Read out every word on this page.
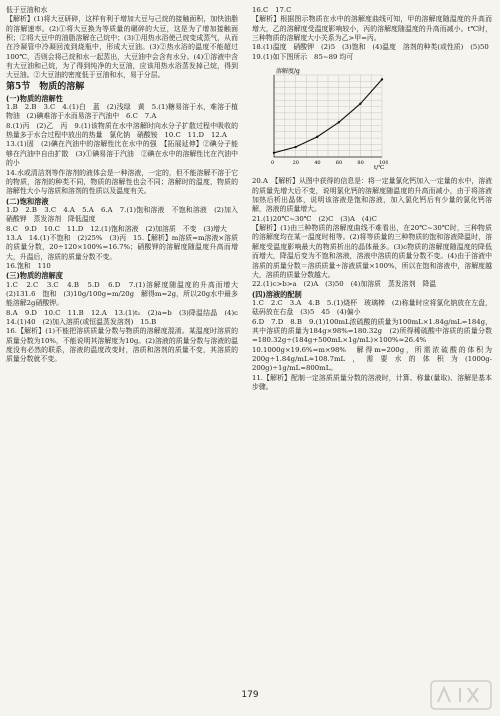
低于豆油和水

【解析】(1)将大豆研碎，这样有利于增加大豆与己烷的接触面积，加快油脂的溶解速率。(2)①将大豆换为等质量的碾碎的大豆，这是为了增加接触面积；②将大豆中的油脂溶解在己烷中；(3)①用热水浴使己烷变成蒸气，从而在冷凝管中冷凝回流到烧瓶中，形成大豆油。(3)②热水浴的温度不能超过100℃，否则会将己烷和水一起蒸出，大豆油中会含有水分。(4)①溶液中含有大豆油和己烷，为了得到纯净的大豆油，应该用热水浴蒸发掉己烷，得到大豆油。②大豆油的密度低于豆油和水，易于分层。

第5节　物质的溶解

(一)物质的溶解性

1.B　2.B　3.C　4.(1)白　蓝　(2)浅绿　黄　5.(1)糖易溶于水，难溶于植物油　(2)碘难溶于水而易溶于汽油中　6.C　7.A

8.(1)丙　(2)乙　丙　9.(1)该物质在水中溶解时向水分子扩散过程中吸收的热量多于水合过程中放出的热量　氯化钠　硝酸铵　10.C　11.D　12.A

13.(1)固　(2)碘在汽油中的溶解性比在水中的强　【拓展延伸】②碘分子能够在汽油中自由扩散　(3)①碘易溶于汽油　②碘在水中的溶解性比在汽油中的小

14.水或清洁剂等作溶剂的液体会是一种溶液，一定的，但不能溶解不溶于它的物质，溶剂的种类不同，物质的溶解性也会不同；溶解时的温度，物质的溶解性大小与溶质和溶剂的性质以及温度有关。

(二)饱和溶液

1.D　2.B　3.C　4.A　5.A　6.A　7.(1)饱和溶液　不饱和溶液　(2)加入硝酸钾　蒸发溶剂　降低温度

8.C　9.D　10.C　11.D　12.(1)饱和溶液　(2)加溶质　不变　(3)增大

13.A　14.(1)不饱和　(2)25%　(3)丙　15.【解析】m溶质=m溶液×溶质的质量分数，20÷120×100%=16.7%；硝酸钾的溶解度随温度升高而增大，升温后，溶质的质量分数不变。

16.饱和　110

(三)物质的溶解度

1.C　2.C　3.C　4.B　5.D　6.D　7.(1)溶解度随温度的升高而增大　(2)131.6　饱和　(3)10g/100g=m/20g　解得m=2g，所以20g水中最多能溶解2g硝酸钾。

8.A　9.D　10.C　11.B　12.A　13.(1)t₁　(2)a=b　(3)降温结晶　(4)c　14.(1)40　(2)加入溶质(或恒温蒸发溶剂)　15.B

16.【解析】(1)不能把溶质质量分数与物质的溶解度混淆。某温度时溶质的质量分数为10%，不能说明其溶解度为10g。(2)溶液的质量分数与溶液的温度没有必然的联系，溶液的温度改变时，溶质和溶剂的质量不变，其溶质的质量分数就不变。

16.C　17.C

【解析】根据图示物质在水中的溶解度曲线可知，甲的溶解度随温度的升高而增大，乙的溶解度受温度影响较小，丙的溶解度随温度的升高而减小。t℃时，三种物质的溶解度大小关系为乙>甲=丙。

18.(1)温度　硝酸钾　(2)5　(3)饱和　(4)温度　溶剂的种类(或性质)　(5)50

19.(1)如下图所示　85~89 均可

溶解度/g
t/℃
0	20	40	60	80	100

20.A　【解析】从图中获得的信息是：将一定量氯化钙加入一定量的水中，溶液的质量先增大后不变，说明氯化钙的溶解度随温度的升高而减小，由于将溶液加热后析出晶体，说明该溶液是饱和溶液，加入氯化钙后有少量的氯化钙溶解，溶液的质量增大。

21.(1)20℃~30℃　(2)C　(3)A　(4)C

【解析】(1)由三种物质的溶解度曲线不难看出，在20℃~30℃时，三种物质的溶解度均在某一温度时相等。(2)将等质量的三种物质的饱和溶液降温时，溶解度受温度影响最大的物质析出的晶体最多。(3)c物质的溶解度随温度的降低而增大，降温后变为不饱和溶液，溶液中溶质的质量分数不变。(4)由于溶液中溶质的质量分数＝溶质质量÷溶液质量×100%，所以在饱和溶液中，溶解度越大，溶质的质量分数越大。

22.(1)c>b>a　(2)A　(3)50　(4)加溶质　蒸发溶剂　降温

(四)溶液的配制

1.C　2.C　3.A　4.B　5.(1)烧杯　玻璃棒　(2)称量时应将氯化钠放在左盘，砝码放在右盘　(3)5　45　(4)偏小

6.D　7.D　8.B　9.(1)100mL浓硫酸的质量为100mL×1.84g/mL=184g，其中溶质的质量为184g×98%=180.32g　(2)所得稀硫酸中溶质的质量分数=180.32g÷(184g+500mL×1g/mL)×100%≈26.4%

10.1000g×19.6%=m×98%　解得m=200g，所需浓硫酸的体积为200g÷1.84g/mL≈108.7mL，需要水的体积为(1000g-200g)÷1g/mL=800mL。

11.【解析】配制一定溶质质量分数的溶液时，计算、称量(量取)、溶解是基本步骤。

179
